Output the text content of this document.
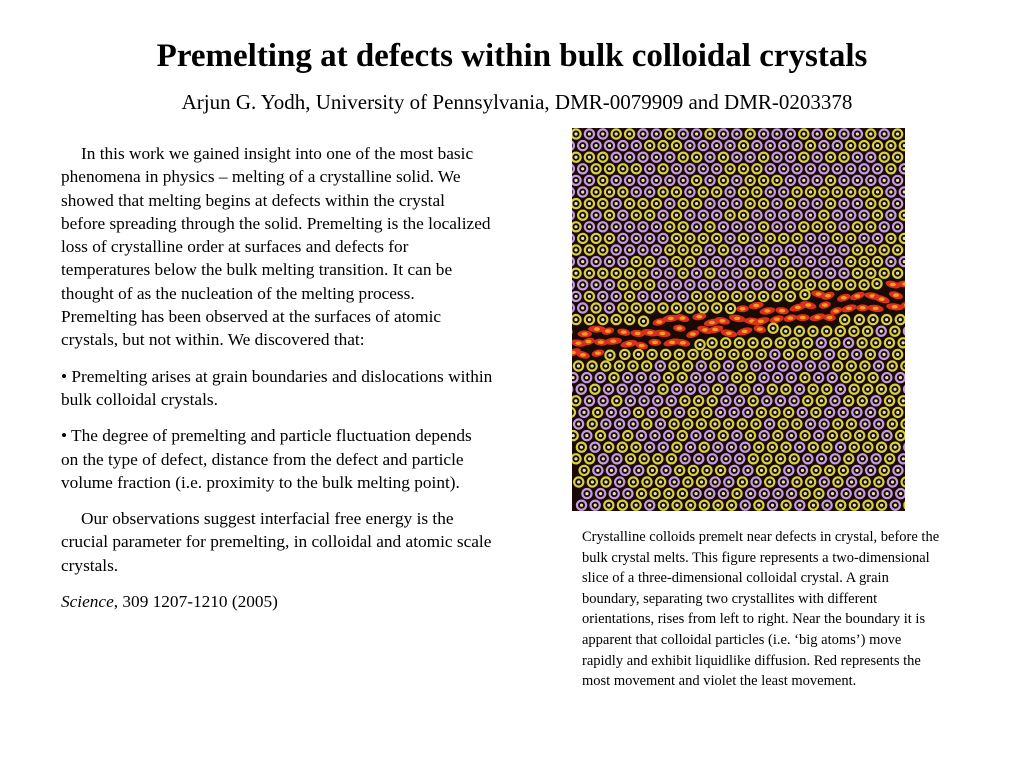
Premelting at defects within bulk colloidal crystals
Arjun G. Yodh, University of Pennsylvania, DMR-0079909 and DMR-0203378

In this work we gained insight into one of the most basic phenomena in physics – melting of a crystalline solid. We showed that melting begins at defects within the crystal before spreading through the solid. Premelting is the localized loss of crystalline order at surfaces and defects for temperatures below the bulk melting transition. It can be thought of as the nucleation of the melting process. Premelting has been observed at the surfaces of atomic crystals, but not within. We discovered that:

• Premelting arises at grain boundaries and dislocations within bulk colloidal crystals.

• The degree of premelting and particle fluctuation depends on the type of defect, distance from the defect and particle volume fraction (i.e. proximity to the bulk melting point).

Our observations suggest interfacial free energy is the crucial parameter for premelting, in colloidal and atomic scale crystals.

Science, 309 1207-1210 (2005)

Crystalline colloids premelt near defects in crystal, before the bulk crystal melts. This figure represents a two-dimensional slice of a three-dimensional colloidal crystal. A grain boundary, separating two crystallites with different orientations, rises from left to right. Near the boundary it is apparent that colloidal particles (i.e. ‘big atoms’) move rapidly and exhibit liquidlike diffusion. Red represents the most movement and violet the least movement.
